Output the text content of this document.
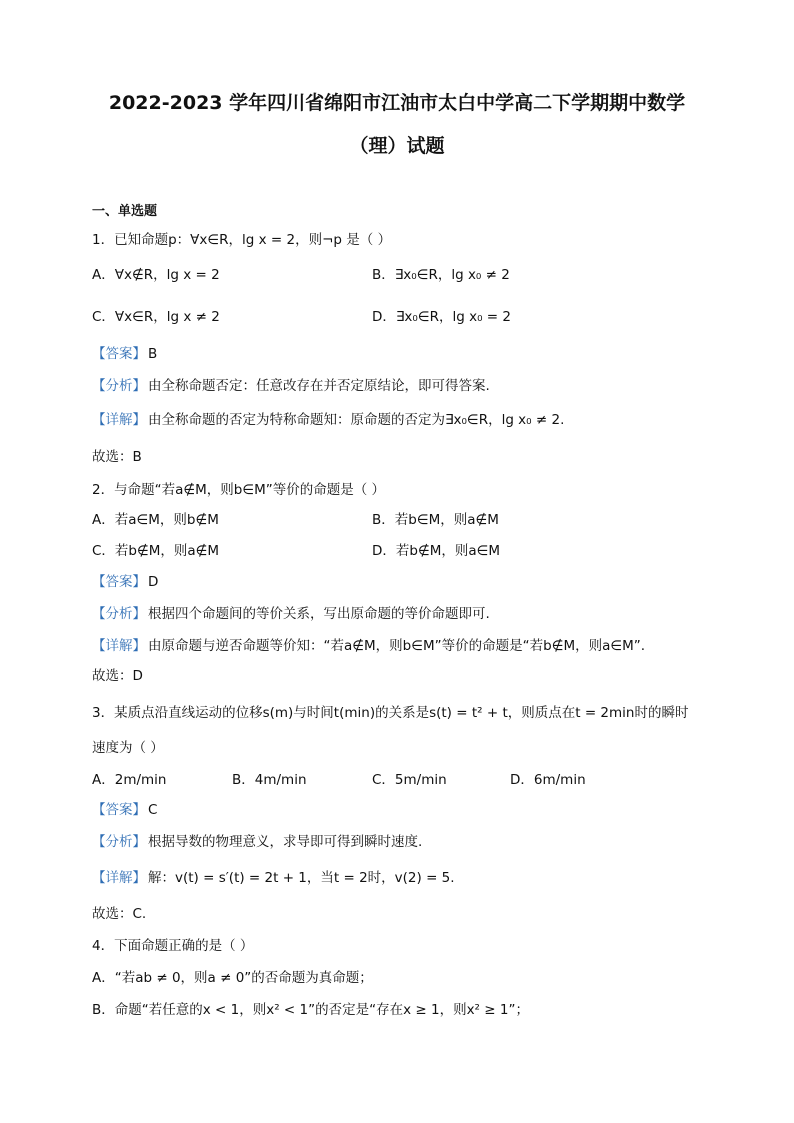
2022-2023 学年四川省绵阳市江油市太白中学高二下学期期中数学
（理）试题
一、单选题
1．已知命题p：∀x∈R，lg x = 2，则¬p 是（ ）
A．∀x∉R，lg x = 2	B．∃x₀∈R，lg x₀ ≠ 2
C．∀x∈R，lg x ≠ 2	D．∃x₀∈R，lg x₀ = 2
【答案】 B
【分析】 由全称命题否定：任意改存在并否定原结论，即可得答案.
【详解】 由全称命题的否定为特称命题知：原命题的否定为∃x₀∈R，lg x₀ ≠ 2.
故选：B
2．与命题“若a∉M，则b∈M”等价的命题是（ ）
A．若a∈M，则b∉M	B．若b∈M，则a∉M
C．若b∉M，则a∉M	D．若b∉M，则a∈M
【答案】 D
【分析】 根据四个命题间的等价关系，写出原命题的等价命题即可.
【详解】 由原命题与逆否命题等价知：“若a∉M，则b∈M”等价的命题是“若b∉M，则a∈M”.
故选：D
3．某质点沿直线运动的位移s(m)与时间t(min)的关系是s(t) = t² + t，则质点在t = 2min时的瞬时
速度为（ ）
A．2m/min	B．4m/min	C．5m/min	D．6m/min
【答案】 C
【分析】 根据导数的物理意义，求导即可得到瞬时速度.
【详解】 解：v(t) = s′(t) = 2t + 1，当t = 2时，v(2) = 5.
故选：C.
4．下面命题正确的是（ ）
A．“若ab ≠ 0，则a ≠ 0”的否命题为真命题；
B．命题“若任意的x < 1，则x² < 1”的否定是“存在x ≥ 1，则x² ≥ 1”；
